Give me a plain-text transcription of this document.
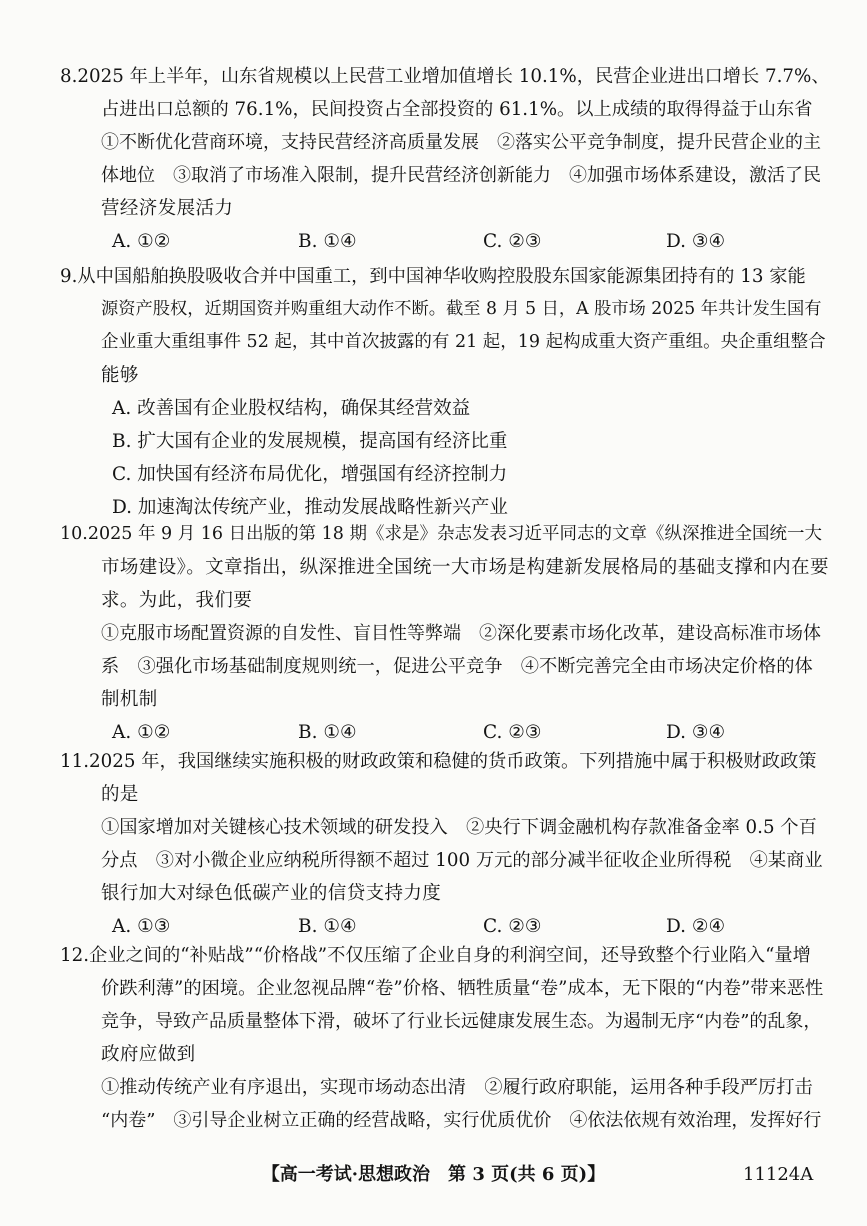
8.2025 年上半年，山东省规模以上民营工业增加值增长 10.1%，民营企业进出口增长 7.7%、
占进出口总额的 76.1%，民间投资占全部投资的 61.1%。以上成绩的取得得益于山东省
①不断优化营商环境，支持民营经济高质量发展　②落实公平竞争制度，提升民营企业的主
体地位　③取消了市场准入限制，提升民营经济创新能力　④加强市场体系建设，激活了民
营经济发展活力
A. ①②	B. ①④	C. ②③	D. ③④
9.从中国船舶换股吸收合并中国重工，到中国神华收购控股股东国家能源集团持有的 13 家能
源资产股权，近期国资并购重组大动作不断。截至 8 月 5 日，A 股市场 2025 年共计发生国有
企业重大重组事件 52 起，其中首次披露的有 21 起，19 起构成重大资产重组。央企重组整合
能够
A. 改善国有企业股权结构，确保其经营效益
B. 扩大国有企业的发展规模，提高国有经济比重
C. 加快国有经济布局优化，增强国有经济控制力
D. 加速淘汰传统产业，推动发展战略性新兴产业
10.2025 年 9 月 16 日出版的第 18 期《求是》杂志发表习近平同志的文章《纵深推进全国统一大
市场建设》。文章指出，纵深推进全国统一大市场是构建新发展格局的基础支撑和内在要
求。为此，我们要
①克服市场配置资源的自发性、盲目性等弊端　②深化要素市场化改革，建设高标准市场体
系　③强化市场基础制度规则统一，促进公平竞争　④不断完善完全由市场决定价格的体
制机制
A. ①②	B. ①④	C. ②③	D. ③④
11.2025 年，我国继续实施积极的财政政策和稳健的货币政策。下列措施中属于积极财政政策
的是
①国家增加对关键核心技术领域的研发投入　②央行下调金融机构存款准备金率 0.5 个百
分点　③对小微企业应纳税所得额不超过 100 万元的部分减半征收企业所得税　④某商业
银行加大对绿色低碳产业的信贷支持力度
A. ①③	B. ①④	C. ②③	D. ②④
12.企业之间的“补贴战”“价格战”不仅压缩了企业自身的利润空间，还导致整个行业陷入“量增
价跌利薄”的困境。企业忽视品牌“卷”价格、牺牲质量“卷”成本，无下限的“内卷”带来恶性
竞争，导致产品质量整体下滑，破坏了行业长远健康发展生态。为遏制无序“内卷”的乱象，
政府应做到
①推动传统产业有序退出，实现市场动态出清　②履行政府职能，运用各种手段严厉打击
“内卷”　③引导企业树立正确的经营战略，实行优质优价　④依法依规有效治理，发挥好行
【高一考试·思想政治　第 3 页(共 6 页)】	11124A
